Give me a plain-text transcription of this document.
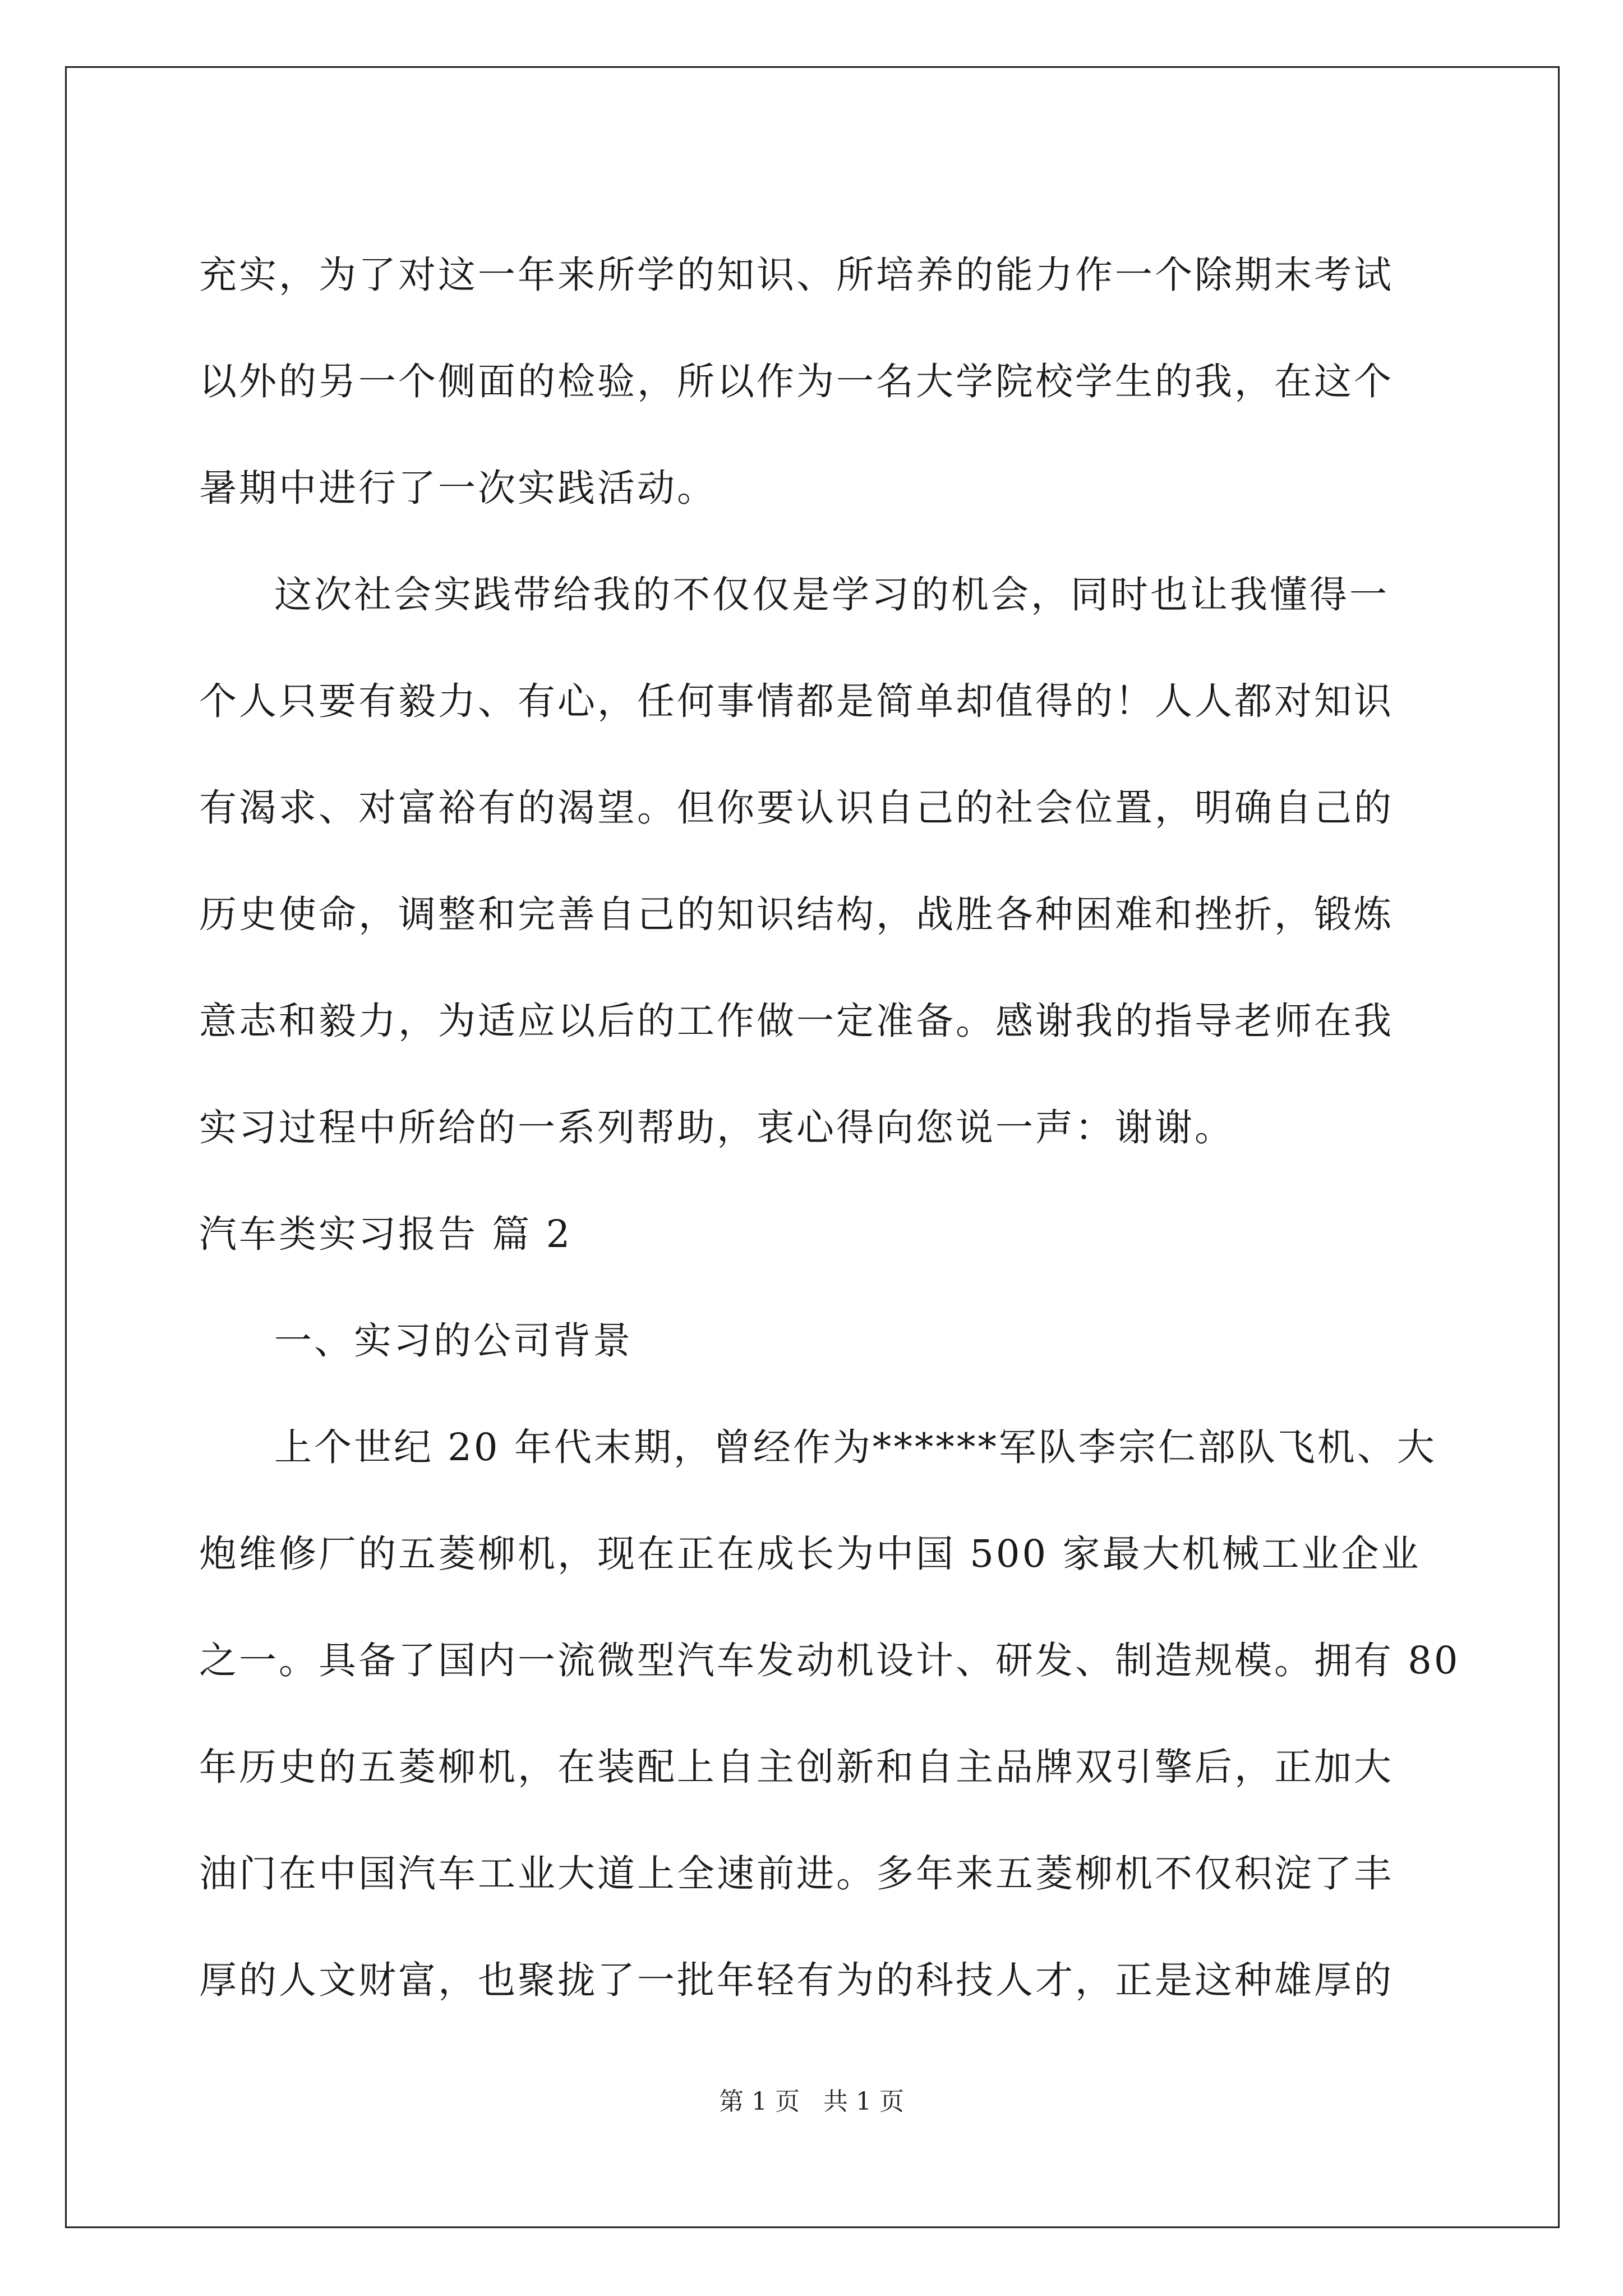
充实，为了对这一年来所学的知识、所培养的能力作一个除期末考试
以外的另一个侧面的检验，所以作为一名大学院校学生的我，在这个
暑期中进行了一次实践活动。
这次社会实践带给我的不仅仅是学习的机会，同时也让我懂得一
个人只要有毅力、有心，任何事情都是简单却值得的！人人都对知识
有渴求、对富裕有的渴望。但你要认识自己的社会位置，明确自己的
历史使命，调整和完善自己的知识结构，战胜各种困难和挫折，锻炼
意志和毅力，为适应以后的工作做一定准备。感谢我的指导老师在我
实习过程中所给的一系列帮助，衷心得向您说一声：谢谢。
汽车类实习报告 篇 2
一、实习的公司背景
上个世纪 20 年代末期，曾经作为******军队李宗仁部队飞机、大
炮维修厂的五菱柳机，现在正在成长为中国 500 家最大机械工业企业
之一。具备了国内一流微型汽车发动机设计、研发、制造规模。拥有 80
年历史的五菱柳机，在装配上自主创新和自主品牌双引擎后，正加大
油门在中国汽车工业大道上全速前进。多年来五菱柳机不仅积淀了丰
厚的人文财富，也聚拢了一批年轻有为的科技人才，正是这种雄厚的
第 1 页   共 1 页
